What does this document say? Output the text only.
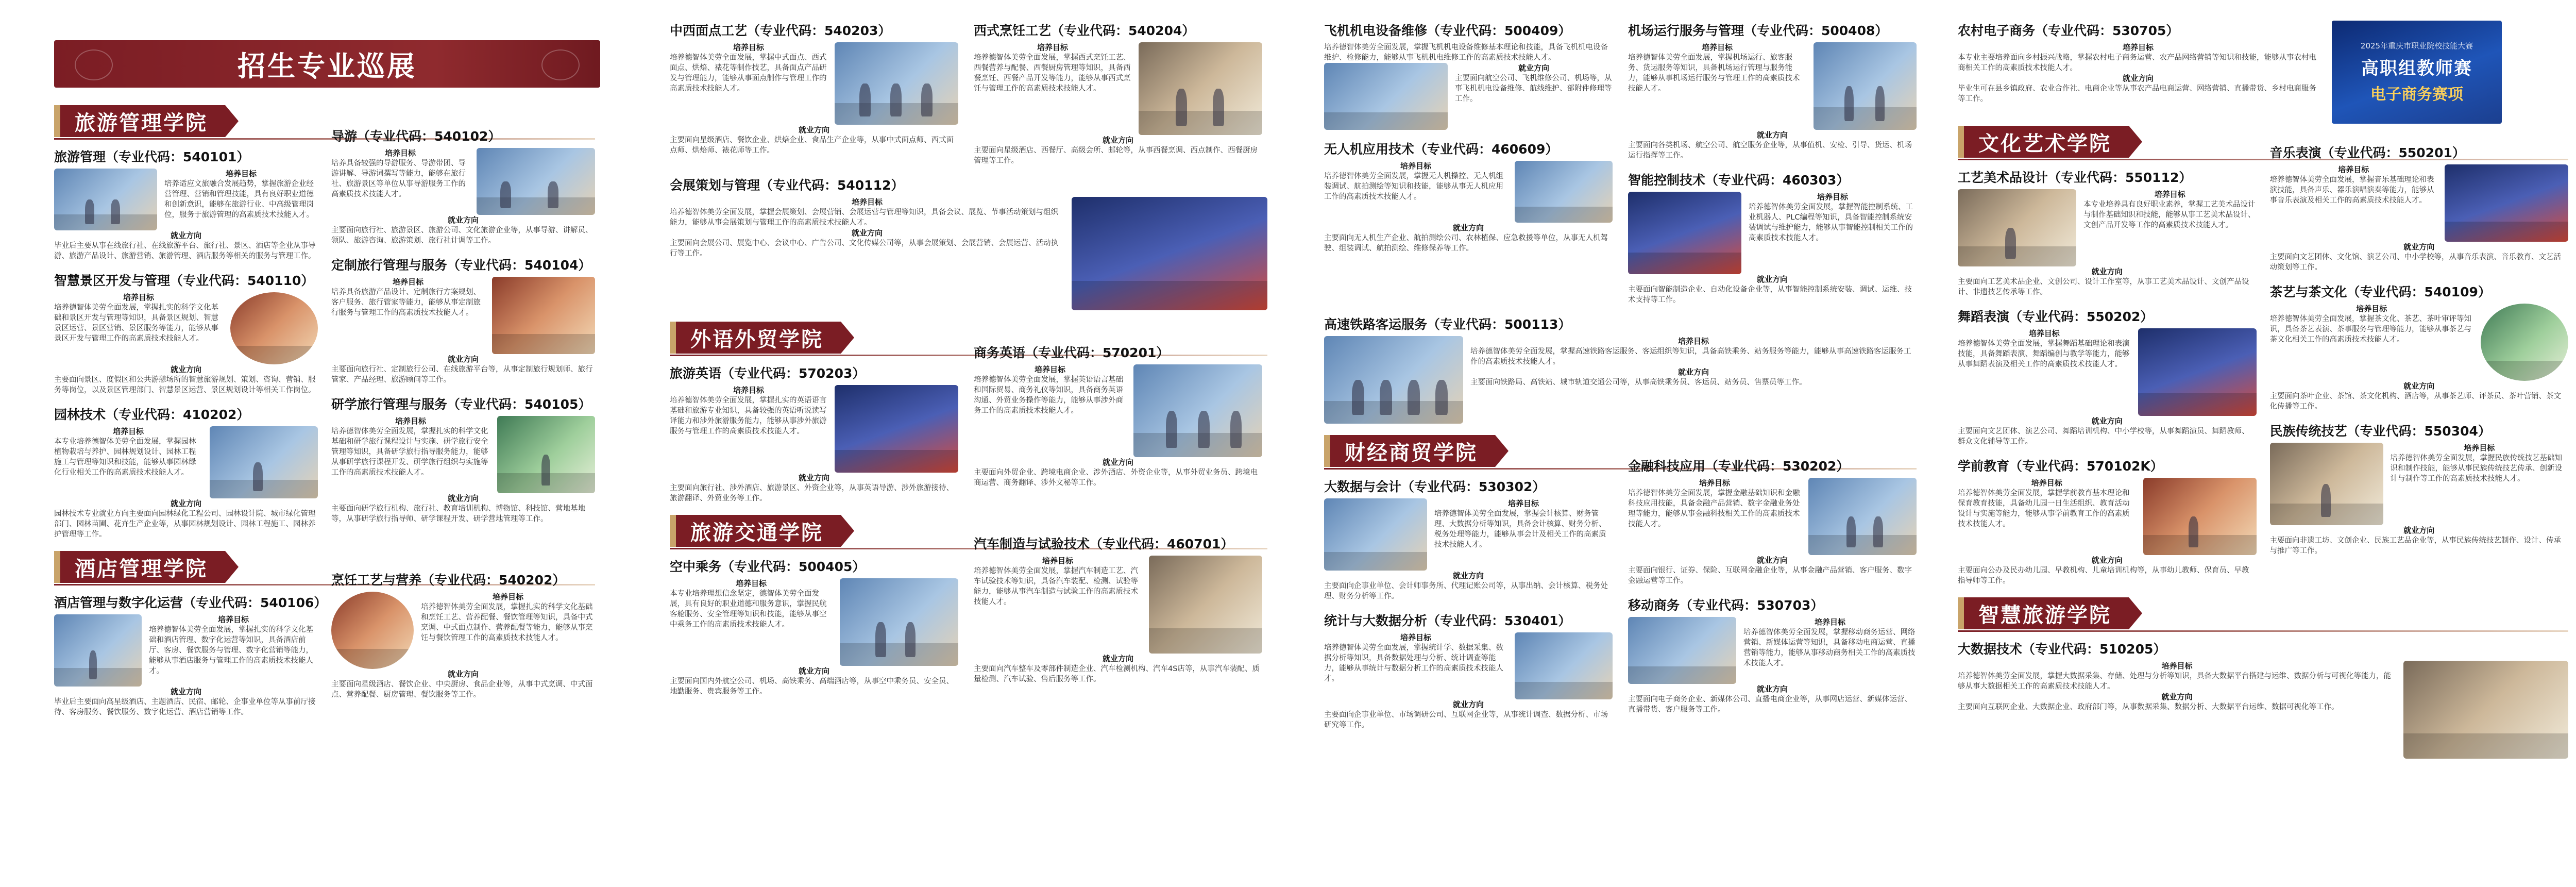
招生专业巡展
旅游管理学院
旅游管理（专业代码：540101）
培养目标
培养适应文旅融合发展趋势，掌握旅游企业经营管理、营销和管理技能，具有良好职业道德和创新意识，能够在旅游行业、中高级管理岗位，服务于旅游管理的高素质技术技能人才。
就业方向
毕业后主要从事在线旅行社、在线旅游平台、旅行社、景区、酒店等企业从事导游、旅游产品设计、旅游营销、旅游管理、酒店服务等相关的服务与管理工作。
智慧景区开发与管理（专业代码：540110）
培养目标
培养德智体美劳全面发展，掌握扎实的科学文化基础和景区开发与管理等知识，具备景区规划、智慧景区运营、景区营销、景区服务等能力，能够从事景区开发与管理工作的高素质技术技能人才。
就业方向
主要面向景区、度假区和公共游憩场所的智慧旅游规划、策划、咨询、营销、服务等岗位，以及景区管理部门、智慧景区运营、景区规划设计等相关工作岗位。
园林技术（专业代码：410202）
培养目标
本专业培养德智体美劳全面发展，掌握园林植物栽培与养护、园林规划设计、园林工程施工与管理等知识和技能，能够从事园林绿化行业相关工作的高素质技术技能人才。
就业方向
园林技术专业就业方向主要面向园林绿化工程公司、园林设计院、城市绿化管理部门、园林苗圃、花卉生产企业等，从事园林规划设计、园林工程施工、园林养护管理等工作。
导游（专业代码：540102）
培养目标
培养具备较强的导游服务、导游带团、导游讲解、导游词撰写等能力，能够在旅行社、旅游景区等单位从事导游服务工作的高素质技术技能人才。
就业方向
主要面向旅行社、旅游景区、旅游公司、文化旅游企业等，从事导游、讲解员、领队、旅游咨询、旅游策划、旅行社计调等工作。
定制旅行管理与服务（专业代码：540104）
培养目标
培养具备旅游产品设计、定制旅行方案规划、客户服务、旅行管家等能力，能够从事定制旅行服务与管理工作的高素质技术技能人才。
就业方向
主要面向旅行社、定制旅行公司、在线旅游平台等，从事定制旅行规划师、旅行管家、产品经理、旅游顾问等工作。
研学旅行管理与服务（专业代码：540105）
培养目标
培养德智体美劳全面发展，掌握扎实的科学文化基础和研学旅行课程设计与实施、研学旅行安全管理等知识，具备研学旅行指导服务能力，能够从事研学旅行课程开发、研学旅行组织与实施等工作的高素质技术技能人才。
就业方向
主要面向研学旅行机构、旅行社、教育培训机构、博物馆、科技馆、营地基地等，从事研学旅行指导师、研学课程开发、研学营地管理等工作。
酒店管理学院
酒店管理与数字化运营（专业代码：540106）
培养目标
培养德智体美劳全面发展，掌握扎实的科学文化基础和酒店管理、数字化运营等知识，具备酒店前厅、客房、餐饮服务与管理、数字化营销等能力，能够从事酒店服务与管理工作的高素质技术技能人才。
就业方向
毕业后主要面向高星级酒店、主题酒店、民宿、邮轮、企事业单位等从事前厅接待、客房服务、餐饮服务、数字化运营、酒店营销等工作。
烹饪工艺与营养（专业代码：540202）
培养目标
培养德智体美劳全面发展，掌握扎实的科学文化基础和烹饪工艺、营养配餐、餐饮管理等知识，具备中式烹调、中式面点制作、营养配餐等能力，能够从事烹饪与餐饮管理工作的高素质技术技能人才。
就业方向
主要面向星级酒店、餐饮企业、中央厨房、食品企业等，从事中式烹调、中式面点、营养配餐、厨房管理、餐饮服务等工作。
中西面点工艺（专业代码：540203）
培养目标
培养德智体美劳全面发展，掌握中式面点、西式面点、烘焙、裱花等制作技艺，具备面点产品研发与管理能力，能够从事面点制作与管理工作的高素质技术技能人才。
就业方向
主要面向星级酒店、餐饮企业、烘焙企业、食品生产企业等，从事中式面点师、西式面点师、烘焙师、裱花师等工作。
西式烹饪工艺（专业代码：540204）
培养目标
培养德智体美劳全面发展，掌握西式烹饪工艺、西餐营养与配餐、西餐厨房管理等知识，具备西餐烹饪、西餐产品开发等能力，能够从事西式烹饪与管理工作的高素质技术技能人才。
就业方向
主要面向星级酒店、西餐厅、高级会所、邮轮等，从事西餐烹调、西点制作、西餐厨房管理等工作。
会展策划与管理（专业代码：540112）
培养目标
培养德智体美劳全面发展，掌握会展策划、会展营销、会展运营与管理等知识，具备会议、展览、节事活动策划与组织能力，能够从事会展策划与管理工作的高素质技术技能人才。
就业方向
主要面向会展公司、展览中心、会议中心、广告公司、文化传媒公司等，从事会展策划、会展营销、会展运营、活动执行等工作。
外语外贸学院
旅游英语（专业代码：570203）
培养目标
培养德智体美劳全面发展，掌握扎实的英语语言基础和旅游专业知识，具备较强的英语听说读写译能力和涉外旅游服务能力，能够从事涉外旅游服务与管理工作的高素质技术技能人才。
就业方向
主要面向旅行社、涉外酒店、旅游景区、外资企业等，从事英语导游、涉外旅游接待、旅游翻译、外贸业务等工作。
商务英语（专业代码：570201）
培养目标
培养德智体美劳全面发展，掌握英语语言基础和国际贸易、商务礼仪等知识，具备商务英语沟通、外贸业务操作等能力，能够从事涉外商务工作的高素质技术技能人才。
就业方向
主要面向外贸企业、跨境电商企业、涉外酒店、外资企业等，从事外贸业务员、跨境电商运营、商务翻译、涉外文秘等工作。
旅游交通学院
空中乘务（专业代码：500405）
培养目标
本专业培养理想信念坚定，德智体美劳全面发展，具有良好的职业道德和服务意识，掌握民航客舱服务、安全管理等知识和技能，能够从事空中乘务工作的高素质技术技能人才。
就业方向
主要面向国内外航空公司、机场、高铁乘务、高端酒店等，从事空中乘务员、安全员、地勤服务、贵宾服务等工作。
汽车制造与试验技术（专业代码：460701）
培养目标
培养德智体美劳全面发展，掌握汽车制造工艺、汽车试验技术等知识，具备汽车装配、检测、试验等能力，能够从事汽车制造与试验工作的高素质技术技能人才。
就业方向
主要面向汽车整车及零部件制造企业、汽车检测机构、汽车4S店等，从事汽车装配、质量检测、汽车试验、售后服务等工作。
飞机机电设备维修（专业代码：500409）
培养德智体美劳全面发展，掌握飞机机电设备维修基本理论和技能，具备飞机机电设备维护、检修能力，能够从事飞机机电维修工作的高素质技术技能人才。
就业方向
主要面向航空公司、飞机维修公司、机场等，从事飞机机电设备维修、航线维护、部附件修理等工作。
无人机应用技术（专业代码：460609）
培养目标
培养德智体美劳全面发展，掌握无人机操控、无人机组装调试、航拍测绘等知识和技能，能够从事无人机应用工作的高素质技术技能人才。
就业方向
主要面向无人机生产企业、航拍测绘公司、农林植保、应急救援等单位，从事无人机驾驶、组装调试、航拍测绘、维修保养等工作。
机场运行服务与管理（专业代码：500408）
培养目标
培养德智体美劳全面发展，掌握机场运行、旅客服务、货运服务等知识，具备机场运行管理与服务能力，能够从事机场运行服务与管理工作的高素质技术技能人才。
就业方向
主要面向各类机场、航空公司、航空服务企业等，从事值机、安检、引导、货运、机场运行指挥等工作。
智能控制技术（专业代码：460303）
培养目标
培养德智体美劳全面发展，掌握智能控制系统、工业机器人、PLC编程等知识，具备智能控制系统安装调试与维护能力，能够从事智能控制相关工作的高素质技术技能人才。
就业方向
主要面向智能制造企业、自动化设备企业等，从事智能控制系统安装、调试、运维、技术支持等工作。
高速铁路客运服务（专业代码：500113）
培养目标
培养德智体美劳全面发展，掌握高速铁路客运服务、客运组织等知识，具备高铁乘务、站务服务等能力，能够从事高速铁路客运服务工作的高素质技术技能人才。
就业方向
主要面向铁路局、高铁站、城市轨道交通公司等，从事高铁乘务员、客运员、站务员、售票员等工作。
财经商贸学院
大数据与会计（专业代码：530302）
培养目标
培养德智体美劳全面发展，掌握会计核算、财务管理、大数据分析等知识，具备会计核算、财务分析、税务处理等能力，能够从事会计及相关工作的高素质技术技能人才。
就业方向
主要面向企事业单位、会计师事务所、代理记账公司等，从事出纳、会计核算、税务处理、财务分析等工作。
统计与大数据分析（专业代码：530401）
培养目标
培养德智体美劳全面发展，掌握统计学、数据采集、数据分析等知识，具备数据处理与分析、统计调查等能力，能够从事统计与数据分析工作的高素质技术技能人才。
就业方向
主要面向企事业单位、市场调研公司、互联网企业等，从事统计调查、数据分析、市场研究等工作。
金融科技应用（专业代码：530202）
培养目标
培养德智体美劳全面发展，掌握金融基础知识和金融科技应用技能，具备金融产品营销、数字金融业务处理等能力，能够从事金融科技相关工作的高素质技术技能人才。
就业方向
主要面向银行、证券、保险、互联网金融企业等，从事金融产品营销、客户服务、数字金融运营等工作。
移动商务（专业代码：530703）
培养目标
培养德智体美劳全面发展，掌握移动商务运营、网络营销、新媒体运营等知识，具备移动电商运营、直播营销等能力，能够从事移动商务相关工作的高素质技术技能人才。
就业方向
主要面向电子商务企业、新媒体公司、直播电商企业等，从事网店运营、新媒体运营、直播带货、客户服务等工作。
农村电子商务（专业代码：530705）
培养目标
本专业主要培养面向乡村振兴战略，掌握农村电子商务运营、农产品网络营销等知识和技能，能够从事农村电商相关工作的高素质技术技能人才。
就业方向
毕业生可在县乡镇政府、农业合作社、电商企业等从事农产品电商运营、网络营销、直播带货、乡村电商服务等工作。
2025年重庆市职业院校技能大赛
高职组教师赛
电子商务赛项
文化艺术学院
工艺美术品设计（专业代码：550112）
培养目标
本专业培养具有良好职业素养，掌握工艺美术品设计与制作基础知识和技能，能够从事工艺美术品设计、文创产品开发等工作的高素质技术技能人才。
就业方向
主要面向工艺美术品企业、文创公司、设计工作室等，从事工艺美术品设计、文创产品设计、非遗技艺传承等工作。
舞蹈表演（专业代码：550202）
培养目标
培养德智体美劳全面发展，掌握舞蹈基础理论和表演技能，具备舞蹈表演、舞蹈编创与教学等能力，能够从事舞蹈表演及相关工作的高素质技术技能人才。
就业方向
主要面向文艺团体、演艺公司、舞蹈培训机构、中小学校等，从事舞蹈演员、舞蹈教师、群众文化辅导等工作。
学前教育（专业代码：570102K）
培养目标
培养德智体美劳全面发展，掌握学前教育基本理论和保育教育技能，具备幼儿园一日生活组织、教育活动设计与实施等能力，能够从事学前教育工作的高素质技术技能人才。
就业方向
主要面向公办及民办幼儿园、早教机构、儿童培训机构等，从事幼儿教师、保育员、早教指导师等工作。
音乐表演（专业代码：550201）
培养目标
培养德智体美劳全面发展，掌握音乐基础理论和表演技能，具备声乐、器乐演唱演奏等能力，能够从事音乐表演及相关工作的高素质技术技能人才。
就业方向
主要面向文艺团体、文化馆、演艺公司、中小学校等，从事音乐表演、音乐教育、文艺活动策划等工作。
茶艺与茶文化（专业代码：540109）
培养目标
培养德智体美劳全面发展，掌握茶文化、茶艺、茶叶审评等知识，具备茶艺表演、茶事服务与管理等能力，能够从事茶艺与茶文化相关工作的高素质技术技能人才。
就业方向
主要面向茶叶企业、茶馆、茶文化机构、酒店等，从事茶艺师、评茶员、茶叶营销、茶文化传播等工作。
民族传统技艺（专业代码：550304）
培养目标
培养德智体美劳全面发展，掌握民族传统技艺基础知识和制作技能，能够从事民族传统技艺传承、创新设计与制作等工作的高素质技术技能人才。
就业方向
主要面向非遗工坊、文创企业、民族工艺品企业等，从事民族传统技艺制作、设计、传承与推广等工作。
智慧旅游学院
大数据技术（专业代码：510205）
培养目标
培养德智体美劳全面发展，掌握大数据采集、存储、处理与分析等知识，具备大数据平台搭建与运维、数据分析与可视化等能力，能够从事大数据相关工作的高素质技术技能人才。
就业方向
主要面向互联网企业、大数据企业、政府部门等，从事数据采集、数据分析、大数据平台运维、数据可视化等工作。
